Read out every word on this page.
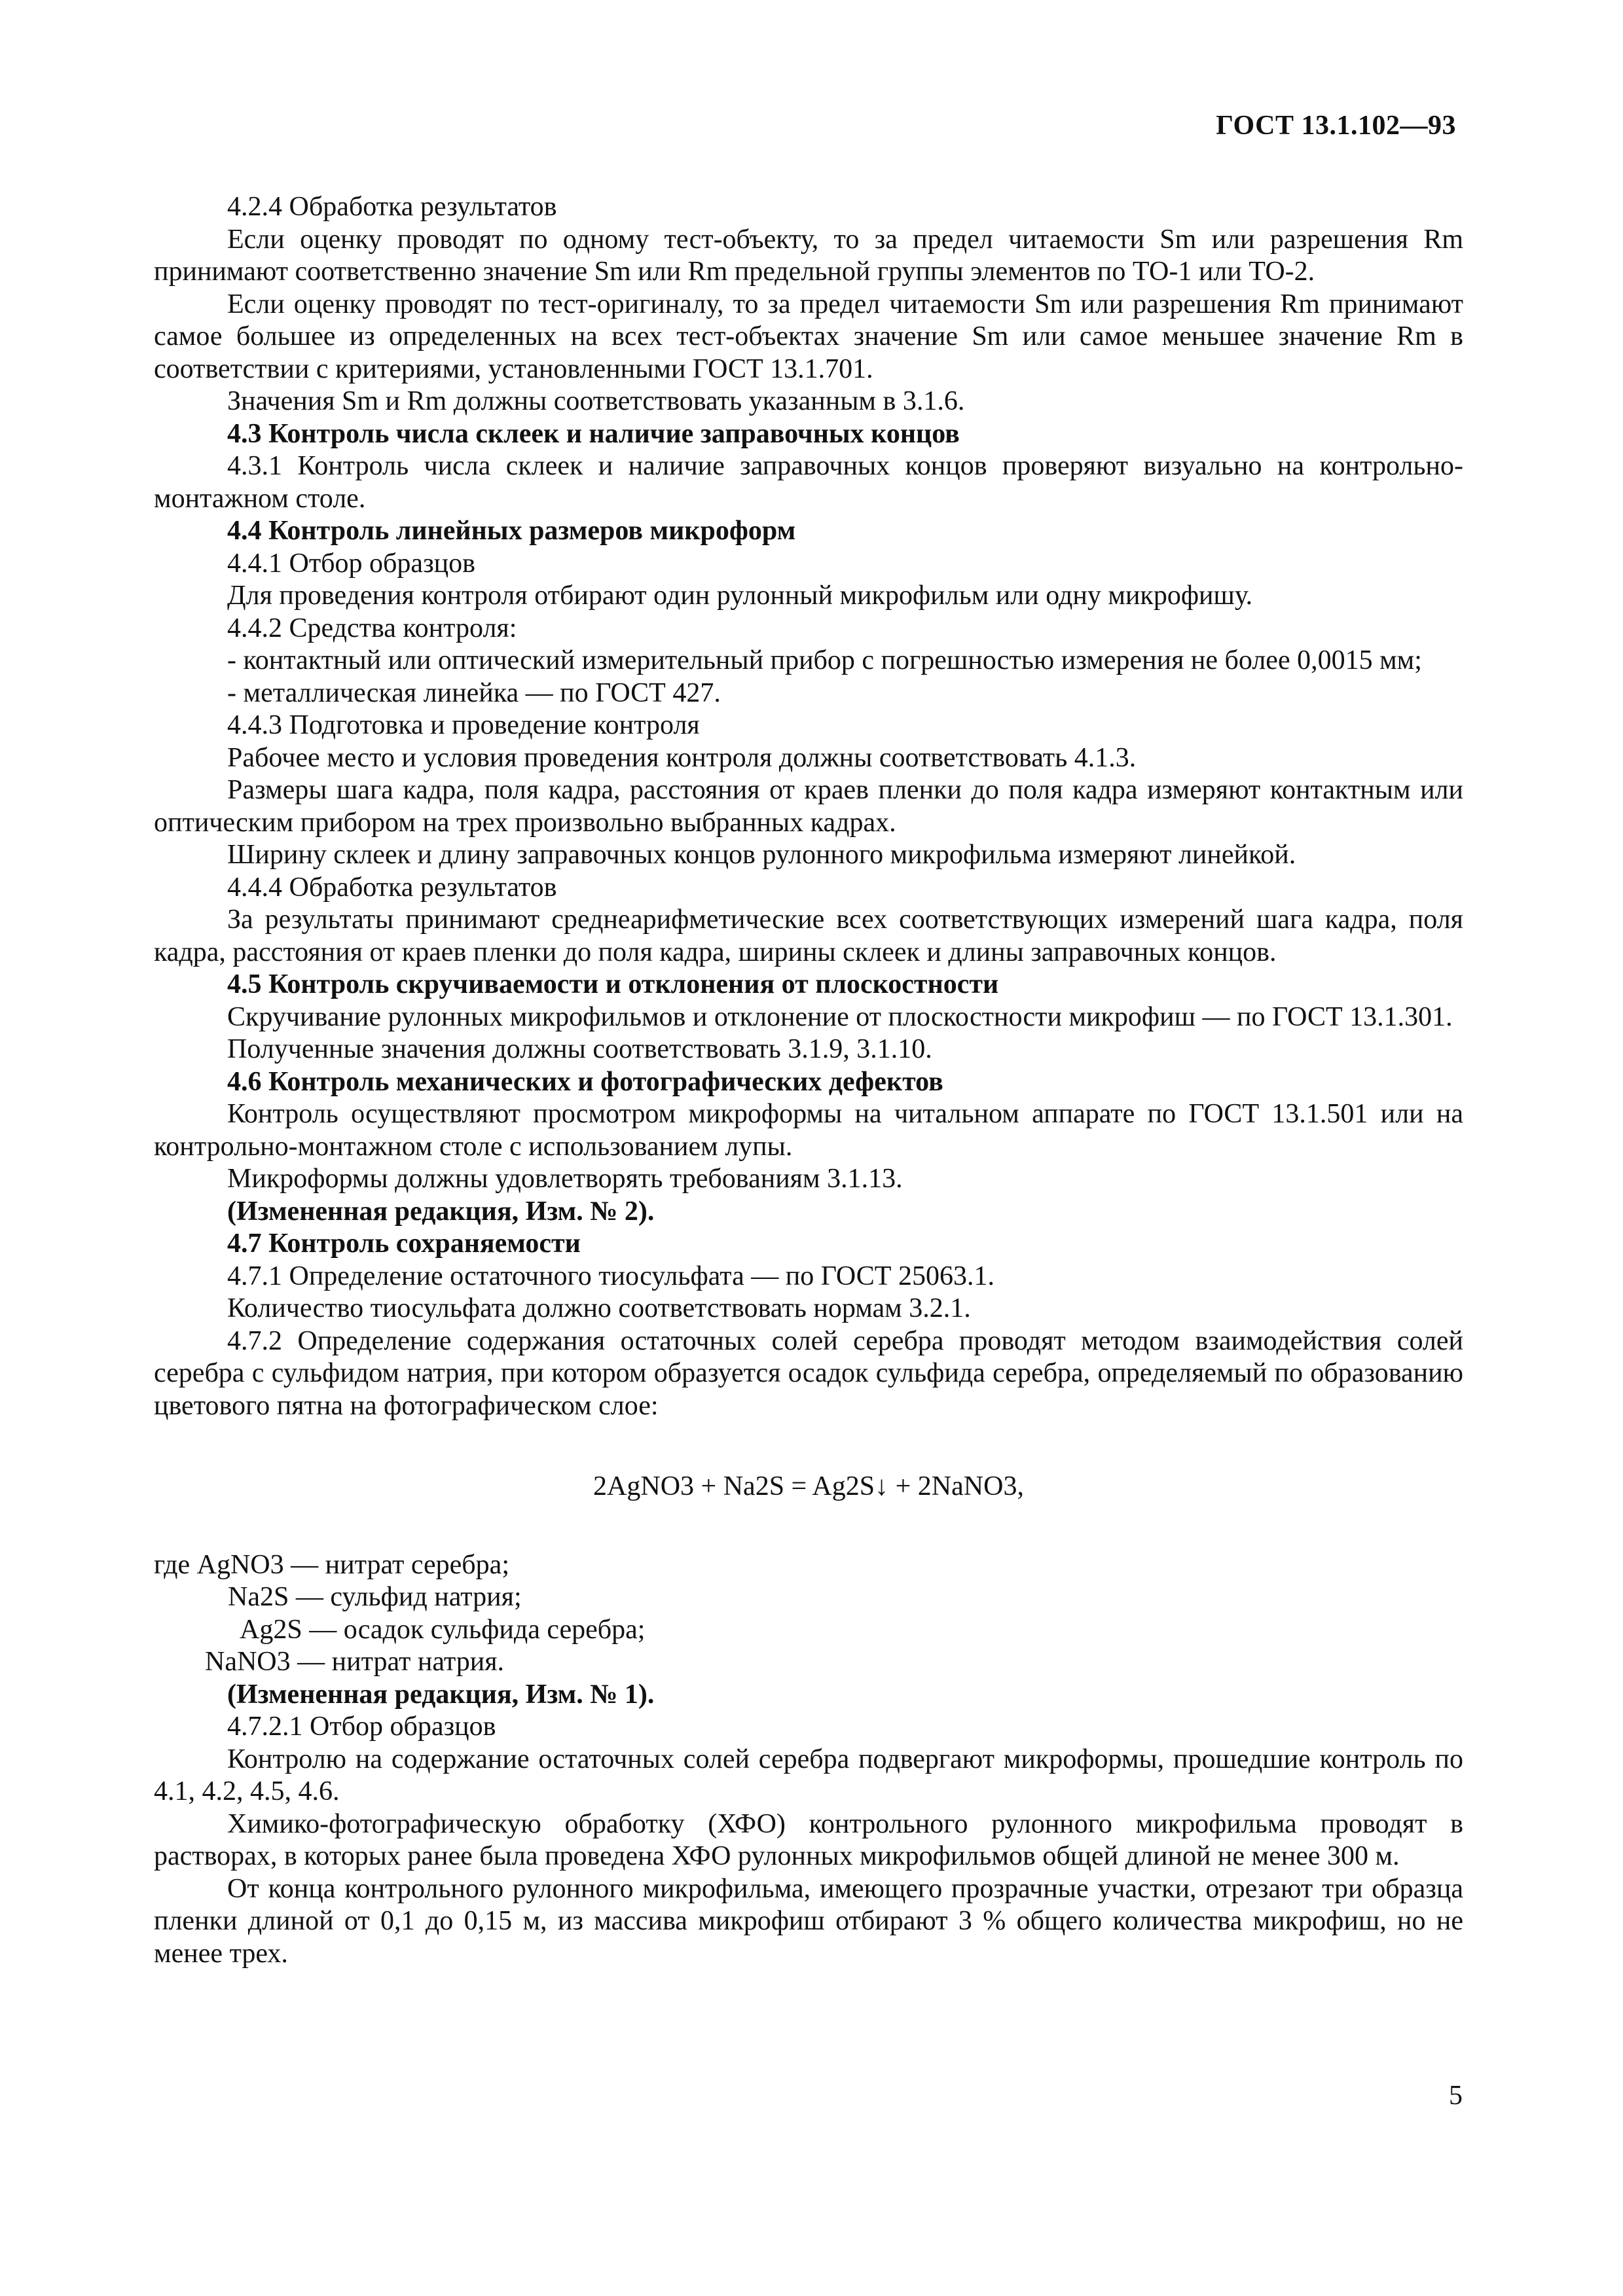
ГОСТ 13.1.102—93

4.2.4 Обработка результатов

Если оценку проводят по одному тест-объекту, то за предел читаемости Sm или разрешения Rm принимают соответственно значение Sm или Rm предельной группы элементов по ТО-1 или ТО-2.

Если оценку проводят по тест-оригиналу, то за предел читаемости Sm или разрешения Rm принимают самое большее из определенных на всех тест-объектах значение Sm или самое меньшее значение Rm в соответствии с критериями, установленными ГОСТ 13.1.701.

Значения Sm и Rm должны соответствовать указанным в 3.1.6.

4.3 Контроль числа склеек и наличие заправочных концов

4.3.1 Контроль числа склеек и наличие заправочных концов проверяют визуально на контрольно-монтажном столе.

4.4 Контроль линейных размеров микроформ

4.4.1 Отбор образцов

Для проведения контроля отбирают один рулонный микрофильм или одну микрофишу.

4.4.2 Средства контроля:

- контактный или оптический измерительный прибор с погрешностью измерения не более 0,0015 мм;

- металлическая линейка — по ГОСТ 427.

4.4.3 Подготовка и проведение контроля

Рабочее место и условия проведения контроля должны соответствовать 4.1.3.

Размеры шага кадра, поля кадра, расстояния от краев пленки до поля кадра измеряют контактным или оптическим прибором на трех произвольно выбранных кадрах.

Ширину склеек и длину заправочных концов рулонного микрофильма измеряют линейкой.

4.4.4 Обработка результатов

За результаты принимают среднеарифметические всех соответствующих измерений шага кадра, поля кадра, расстояния от краев пленки до поля кадра, ширины склеек и длины заправочных концов.

4.5 Контроль скручиваемости и отклонения от плоскостности

Скручивание рулонных микрофильмов и отклонение от плоскостности микрофиш — по ГОСТ 13.1.301.

Полученные значения должны соответствовать 3.1.9, 3.1.10.

4.6 Контроль механических и фотографических дефектов

Контроль осуществляют просмотром микроформы на читальном аппарате по ГОСТ 13.1.501 или на контрольно-монтажном столе с использованием лупы.

Микроформы должны удовлетворять требованиям 3.1.13.

(Измененная редакция, Изм. № 2).

4.7 Контроль сохраняемости

4.7.1 Определение остаточного тиосульфата — по ГОСТ 25063.1.

Количество тиосульфата должно соответствовать нормам 3.2.1.

4.7.2 Определение содержания остаточных солей серебра проводят методом взаимодействия солей серебра с сульфидом натрия, при котором образуется осадок сульфида серебра, определяемый по образованию цветового пятна на фотографическом слое:

2AgNO3 + Na2S = Ag2S↓ + 2NaNO3,
где AgNO3 — нитрат серебра;
Na2S — сульфид натрия;
Ag2S — осадок сульфида серебра;
NaNO3 — нитрат натрия.

(Измененная редакция, Изм. № 1).

4.7.2.1 Отбор образцов

Контролю на содержание остаточных солей серебра подвергают микроформы, прошедшие контроль по 4.1, 4.2, 4.5, 4.6.

Химико-фотографическую обработку (ХФО) контрольного рулонного микрофильма проводят в растворах, в которых ранее была проведена ХФО рулонных микрофильмов общей длиной не менее 300 м.

От конца контрольного рулонного микрофильма, имеющего прозрачные участки, отрезают три образца пленки длиной от 0,1 до 0,15 м, из массива микрофиш отбирают 3 % общего количества микрофиш, но не менее трех.

5
